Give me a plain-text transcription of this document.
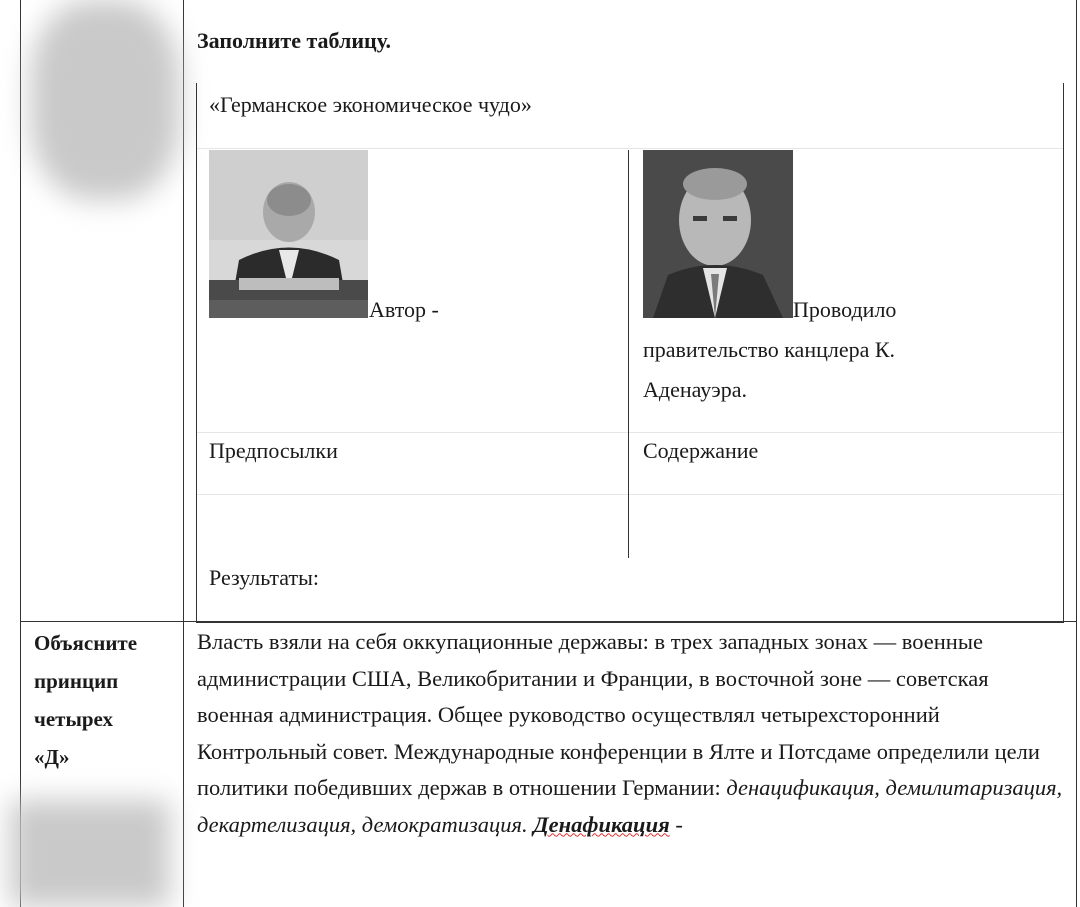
Заполните таблицу.
«Германское экономическое чудо»
Автор -	Проводило
правительство канцлера К.
Аденауэра.
Предпосылки	Содержание
Результаты:
Объясните
принцип
четырех
«Д»
Власть взяли на себя оккупационные державы: в трех западных зонах — военные администрации США, Великобритании и Франции, в восточной зоне — советская военная администрация. Общее руководство осуществлял четырехсторонний Контрольный совет. Международные конференции в Ялте и Потсдаме определили цели политики победивших держав в отношении Германии: денацификация, демилитаризация, декартелизация, демократизация. Денафикация -
